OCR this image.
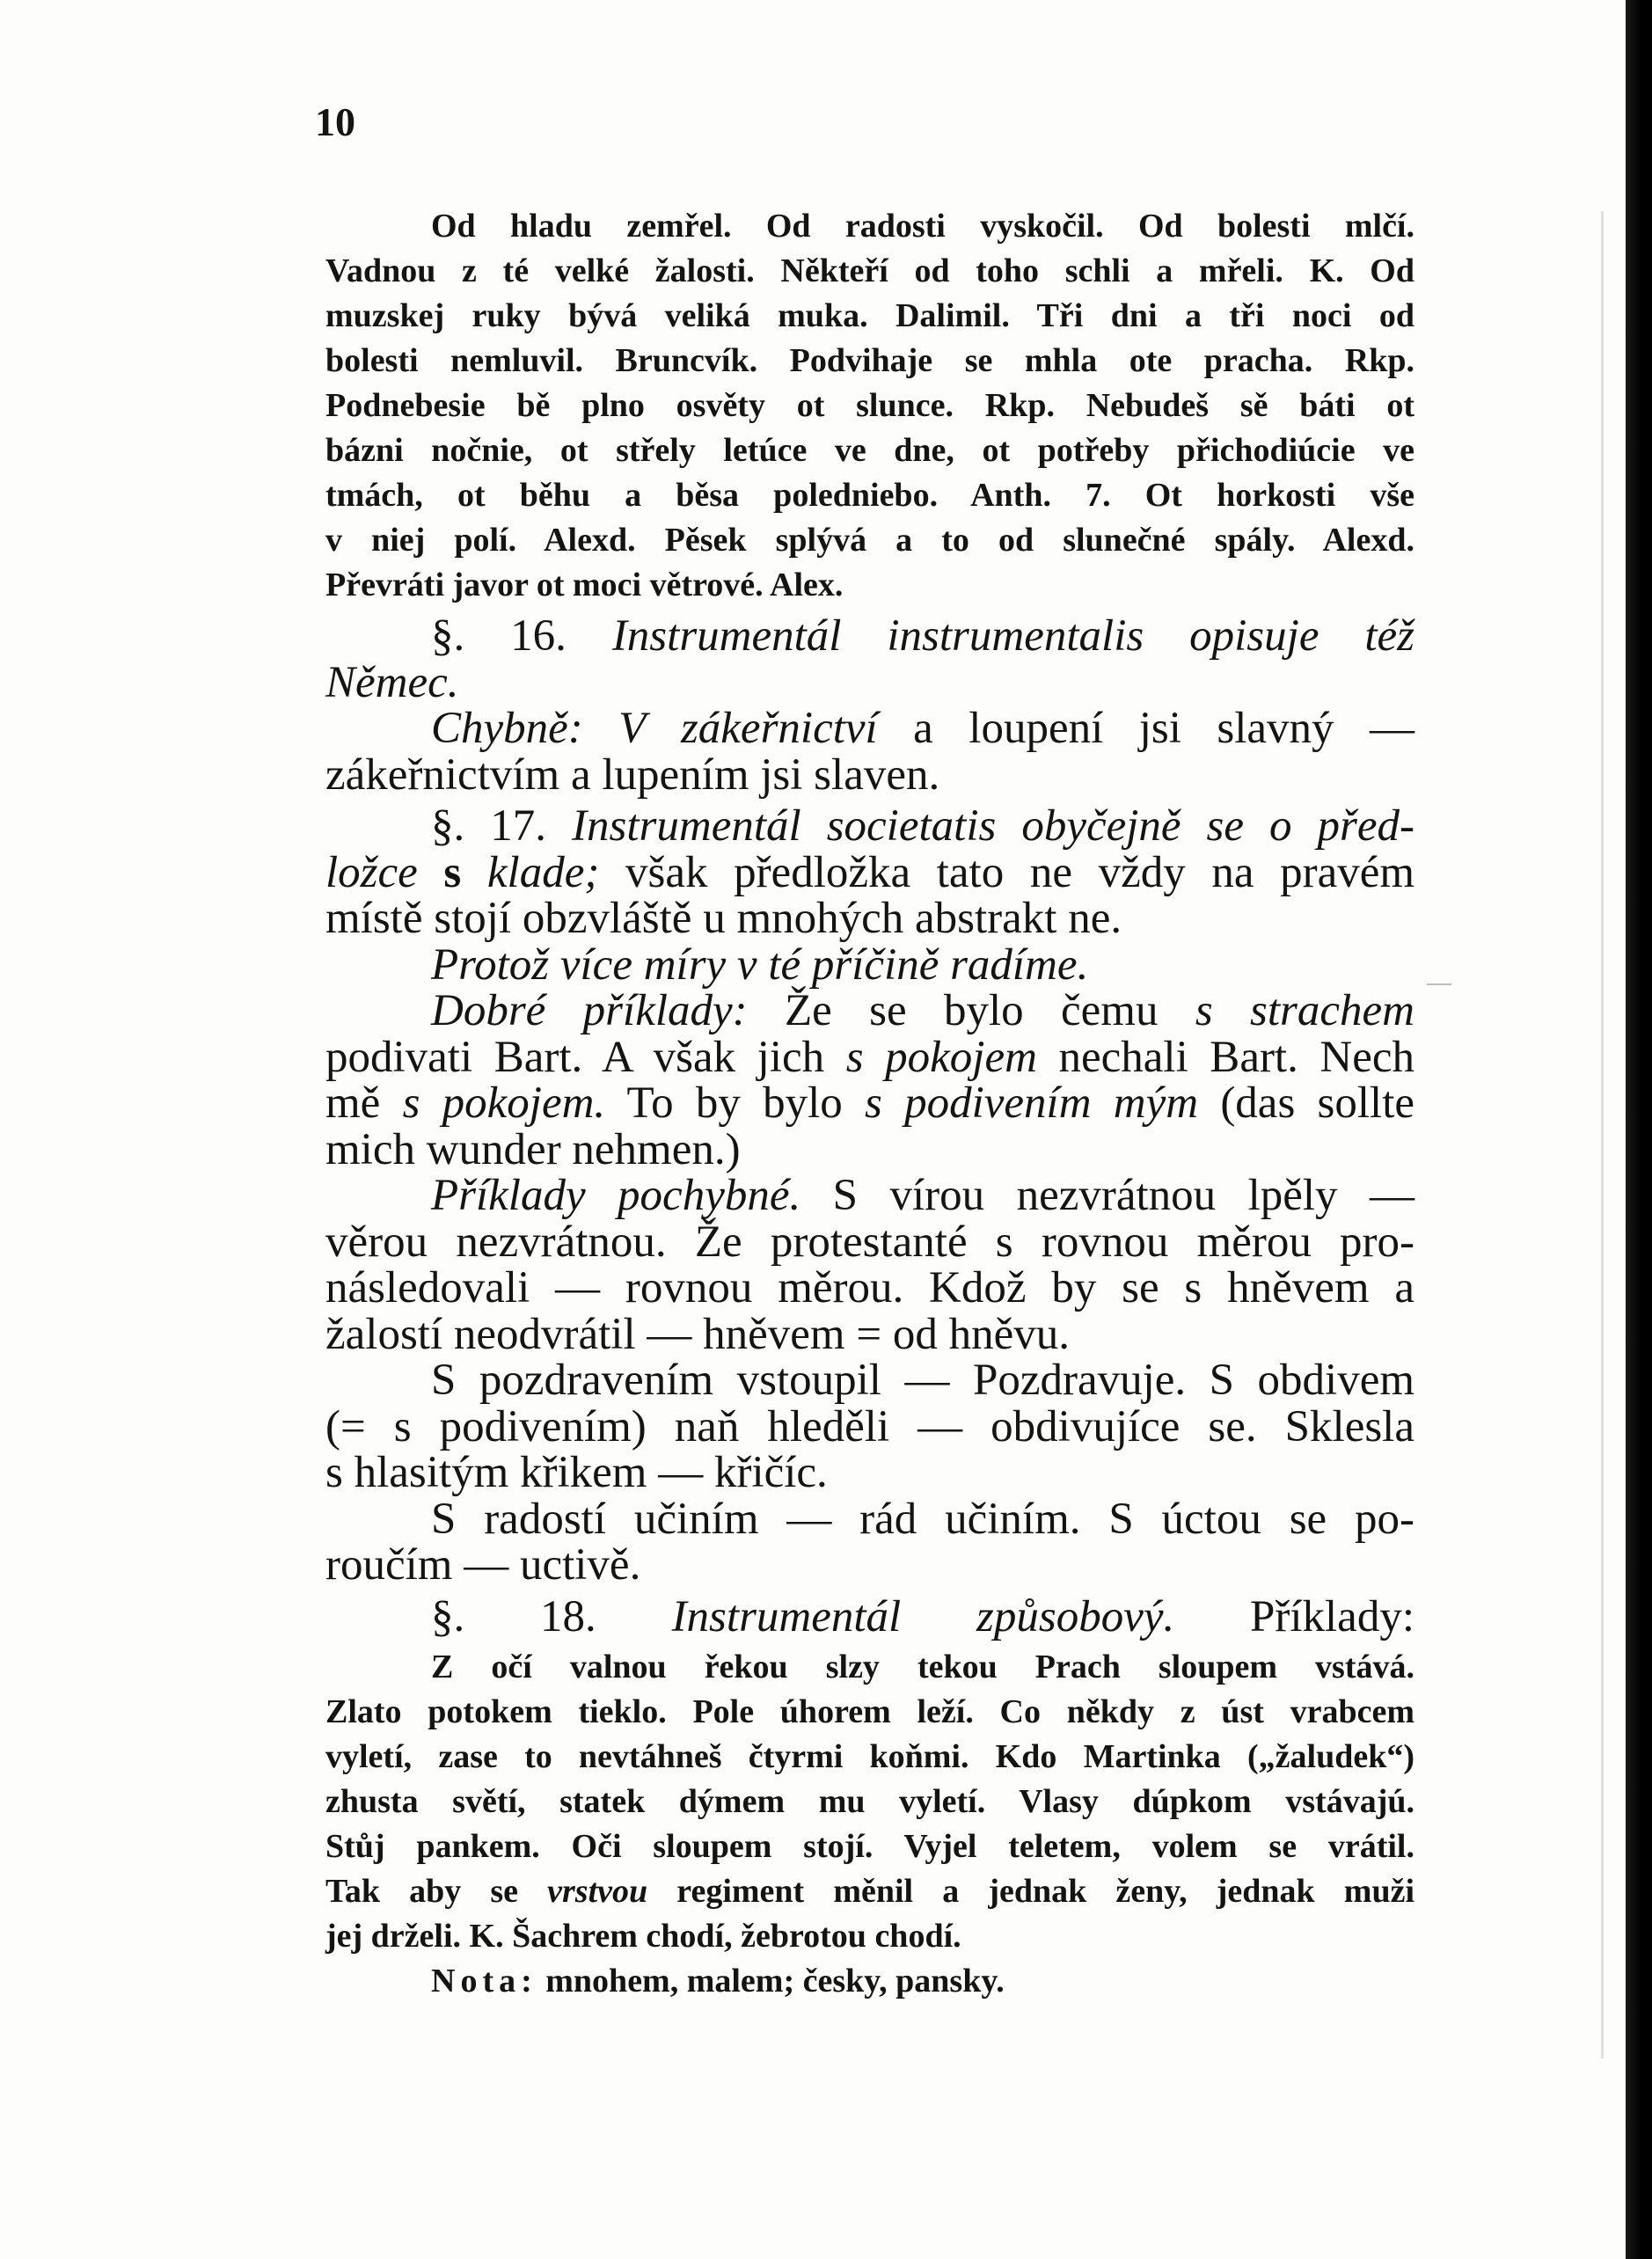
10

Od hladu zemřel. Od radosti vyskočil. Od bolesti mlčí.

Vadnou z té velké žalosti. Někteří od toho schli a mřeli. K. Od

muzskej ruky bývá veliká muka. Dalimil. Tři dni a tři noci od

bolesti nemluvil. Bruncvík. Podvihaje se mhla ote pracha. Rkp.

Podnebesie bě plno osvěty ot slunce. Rkp. Nebudeš sě báti ot

bázni nočnie, ot střely letúce ve dne, ot potřeby přichodiúcie ve

tmách, ot běhu a běsa poledniebo. Anth. 7. Ot horkosti vše

v niej polí. Alexd. Pěsek splývá a to od slunečné spály. Alexd.

Převráti javor ot moci větrové. Alex.

§. 16. Instrumentál instrumentalis opisuje též

Němec.

Chybně: V zákeřnictví a loupení jsi slavný —

zákeřnictvím a lupením jsi slaven.

§. 17. Instrumentál societatis obyčejně se o před-

ložce s klade; však předložka tato ne vždy na pravém

místě stojí obzvláště u mnohých abstrakt ne.

Protož více míry v té příčině radíme.

Dobré příklady: Že se bylo čemu s strachem

podivati Bart. A však jich s pokojem nechali Bart. Nech

mě s pokojem. To by bylo s podivením mým (das sollte

mich wunder nehmen.)

Příklady pochybné. S vírou nezvrátnou lpěly —

věrou nezvrátnou. Že protestanté s rovnou měrou pro-

následovali — rovnou měrou. Kdož by se s hněvem a

žalostí neodvrátil — hněvem = od hněvu.

S pozdravením vstoupil — Pozdravuje. S obdivem

(= s podivením) naň hleděli — obdivujíce se. Sklesla

s hlasitým křikem — křičíc.

S radostí učiním — rád učiním. S úctou se po-

roučím — uctivě.

§. 18. Instrumentál způsobový. Příklady:

Z očí valnou řekou slzy tekou Prach sloupem vstává.

Zlato potokem tieklo. Pole úhorem leží. Co někdy z úst vrabcem

vyletí, zase to nevtáhneš čtyrmi koňmi. Kdo Martinka („žaludek“)

zhusta světí, statek dýmem mu vyletí. Vlasy dúpkom vstávajú.

Stůj pankem. Oči sloupem stojí. Vyjel teletem, volem se vrátil.

Tak aby se vrstvou regiment měnil a jednak ženy, jednak muži

jej drželi. K. Šachrem chodí, žebrotou chodí.

Nota: mnohem, malem; česky, pansky.
